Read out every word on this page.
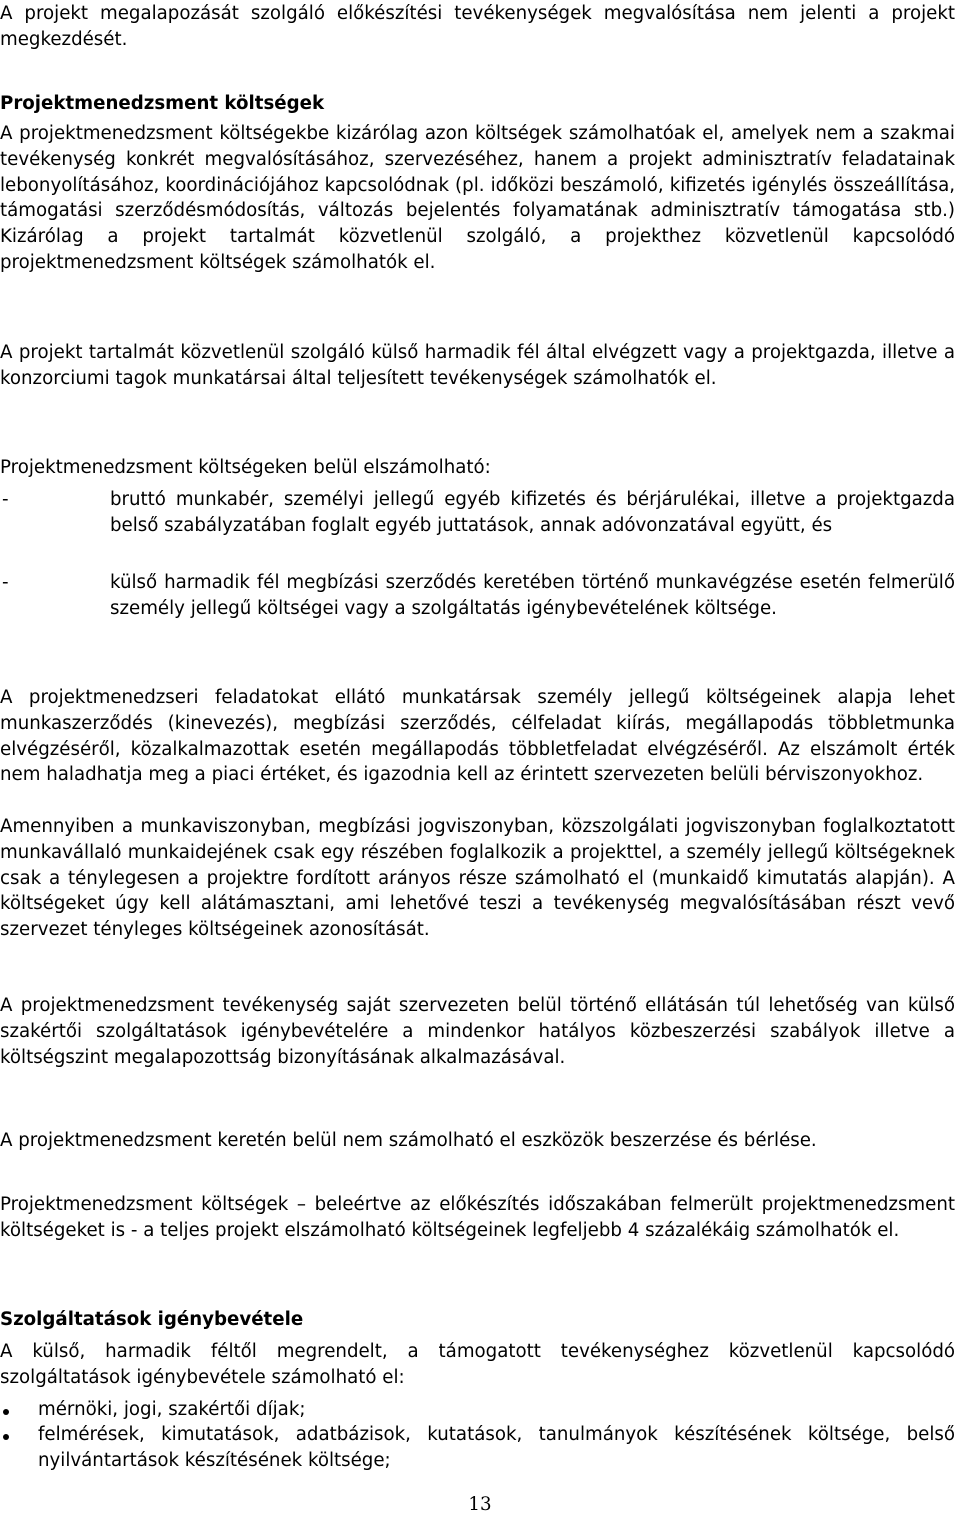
A projekt megalapozását szolgáló előkészítési tevékenységek megvalósítása nem jelenti a projekt megkezdését.

Projektmenedzsment költségek

A projektmenedzsment költségekbe kizárólag azon költségek számolhatóak el, amelyek nem a szakmai tevékenység konkrét megvalósításához, szervezéséhez, hanem a projekt adminisztratív feladatainak lebonyolításához, koordinációjához kapcsolódnak (pl. időközi beszámoló, kifizetés igénylés összeállítása, támogatási szerződésmódosítás, változás bejelentés folyamatának adminisztratív támogatása stb.) Kizárólag a projekt tartalmát közvetlenül szolgáló, a projekthez közvetlenül kapcsolódó projektmenedzsment költségek számolhatók el.

A projekt tartalmát közvetlenül szolgáló külső harmadik fél által elvégzett vagy a projektgazda, illetve a konzorciumi tagok munkatársai által teljesített tevékenységek számolhatók el.

Projektmenedzsment költségeken belül elszámolható:

-	bruttó munkabér, személyi jellegű egyéb kifizetés és bérjárulékai, illetve a projektgazda belső szabályzatában foglalt egyéb juttatások, annak adóvonzatával együtt, és
-	külső harmadik fél megbízási szerződés keretében történő munkavégzése esetén felmerülő személy jellegű költségei vagy a szolgáltatás igénybevételének költsége.

A projektmenedzseri feladatokat ellátó munkatársak személy jellegű költségeinek alapja lehet munkaszerződés (kinevezés), megbízási szerződés, célfeladat kiírás, megállapodás többletmunka elvégzéséről, közalkalmazottak esetén megállapodás többletfeladat elvégzéséről. Az elszámolt érték nem haladhatja meg a piaci értéket, és igazodnia kell az érintett szervezeten belüli bérviszonyokhoz.

Amennyiben a munkaviszonyban, megbízási jogviszonyban, közszolgálati jogviszonyban foglalkoztatott munkavállaló munkaidejének csak egy részében foglalkozik a projekttel, a személy jellegű költségeknek csak a ténylegesen a projektre fordított arányos része számolható el (munkaidő kimutatás alapján). A költségeket úgy kell alátámasztani, ami lehetővé teszi a tevékenység megvalósításában részt vevő szervezet tényleges költségeinek azonosítását.

A projektmenedzsment tevékenység saját szervezeten belül történő ellátásán túl lehetőség van külső szakértői szolgáltatások igénybevételére a mindenkor hatályos közbeszerzési szabályok illetve a költségszint megalapozottság bizonyításának alkalmazásával.

A projektmenedzsment keretén belül nem számolható el eszközök beszerzése és bérlése.

Projektmenedzsment költségek – beleértve az előkészítés időszakában felmerült projektmenedzsment költségeket is - a teljes projekt elszámolható költségeinek legfeljebb 4 százalékáig számolhatók el.

Szolgáltatások igénybevétele

A külső, harmadik féltől megrendelt, a támogatott tevékenységhez közvetlenül kapcsolódó szolgáltatások igénybevétele számolható el:

mérnöki, jogi, szakértői díjak;
felmérések, kimutatások, adatbázisok, kutatások, tanulmányok készítésének költsége, belső nyilvántartások készítésének költsége;
13
